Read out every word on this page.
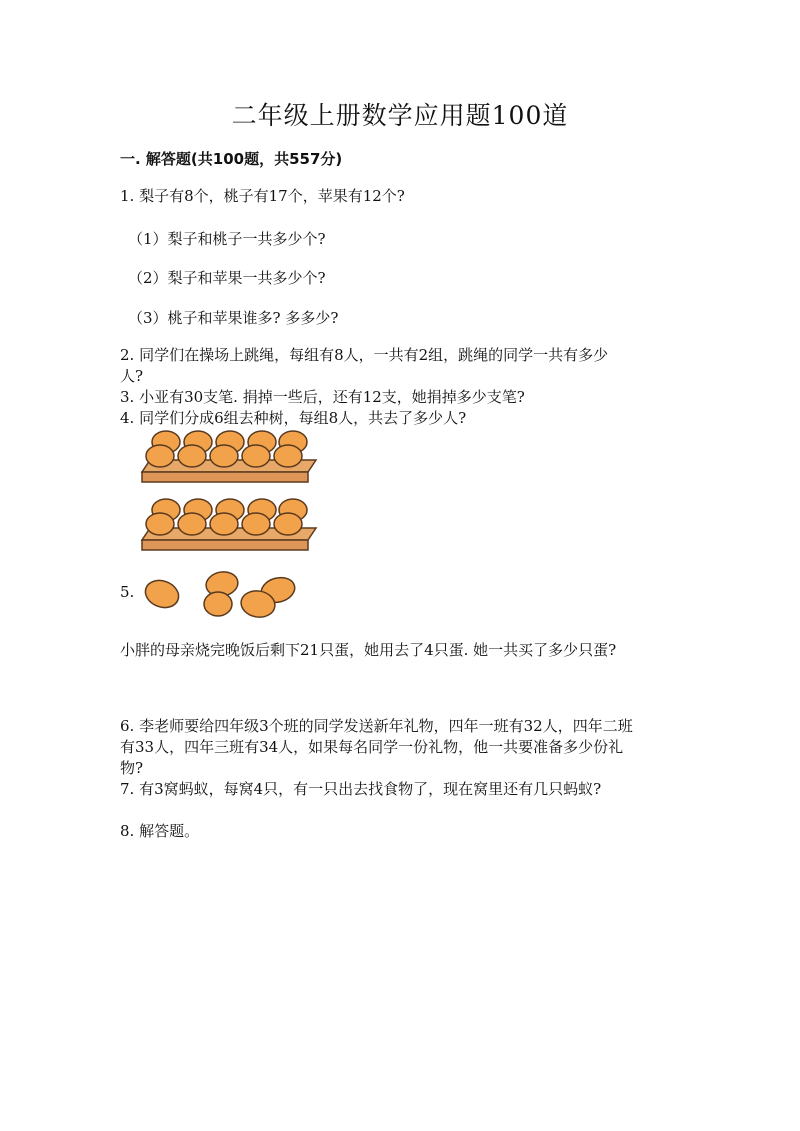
二年级上册数学应用题100道
一. 解答题(共100题，共557分)
1. 梨子有8个，桃子有17个，苹果有12个?
（1）梨子和桃子一共多少个?
（2）梨子和苹果一共多少个?
（3）桃子和苹果谁多? 多多少?
2. 同学们在操场上跳绳，每组有8人，一共有2组，跳绳的同学一共有多少
人?
3. 小亚有30支笔. 捐掉一些后，还有12支，她捐掉多少支笔?
4. 同学们分成6组去种树，每组8人，共去了多少人?
5.
小胖的母亲烧完晚饭后剩下21只蛋，她用去了4只蛋. 她一共买了多少只蛋?
6. 李老师要给四年级3个班的同学发送新年礼物，四年一班有32人，四年二班
有33人，四年三班有34人，如果每名同学一份礼物，他一共要准备多少份礼
物?
7. 有3窝蚂蚁，每窝4只，有一只出去找食物了，现在窝里还有几只蚂蚁?
8. 解答题。
